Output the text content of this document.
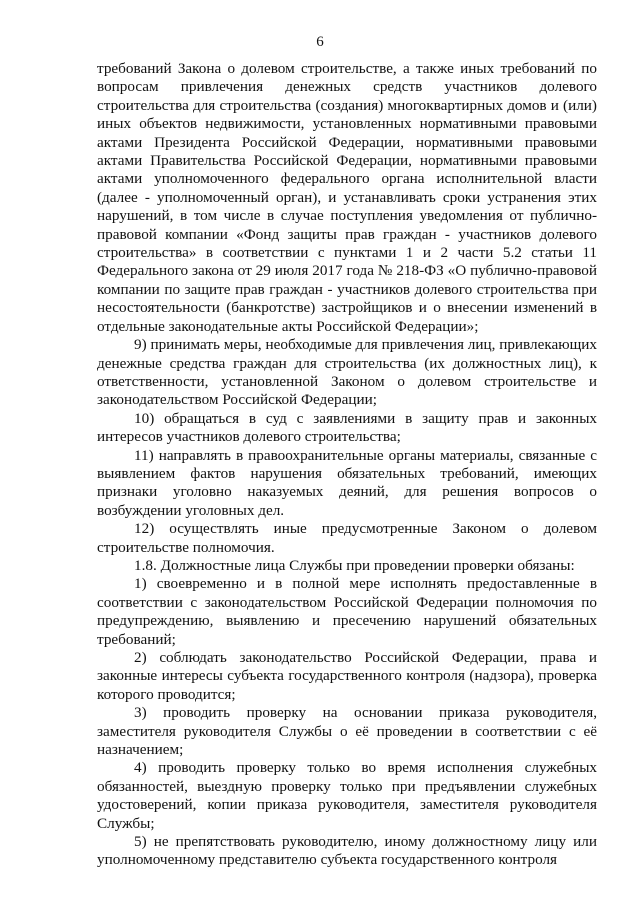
6

требований Закона о долевом строительстве, а также иных требований по вопросам привлечения денежных средств участников долевого строительства для строительства (создания) многоквартирных домов и (или) иных объектов недвижимости, установленных нормативными правовыми актами Президента Российской Федерации, нормативными правовыми актами Правительства Российской Федерации, нормативными правовыми актами уполномоченного федерального органа исполнительной власти (далее - уполномоченный орган), и устанавливать сроки устранения этих нарушений, в том числе в случае поступления уведомления от публично-правовой компании «Фонд защиты прав граждан - участников долевого строительства» в соответствии с пунктами 1 и 2 части 5.2 статьи 11 Федерального закона от 29 июля 2017 года № 218-ФЗ «О публично-правовой компании по защите прав граждан - участников долевого строительства при несостоятельности (банкротстве) застройщиков и о внесении изменений в отдельные законодательные акты Российской Федерации»;

9) принимать меры, необходимые для привлечения лиц, привлекающих денежные средства граждан для строительства (их должностных лиц), к ответственности, установленной Законом о долевом строительстве и законодательством Российской Федерации;

10) обращаться в суд с заявлениями в защиту прав и законных интересов участников долевого строительства;

11) направлять в правоохранительные органы материалы, связанные с выявлением фактов нарушения обязательных требований, имеющих признаки уголовно наказуемых деяний, для решения вопросов о возбуждении уголовных дел.

12) осуществлять иные предусмотренные Законом о долевом строительстве полномочия.

1.8. Должностные лица Службы при проведении проверки обязаны:

1) своевременно и в полной мере исполнять предоставленные в соответствии с законодательством Российской Федерации полномочия по предупреждению, выявлению и пресечению нарушений обязательных требований;

2) соблюдать законодательство Российской Федерации, права и законные интересы субъекта государственного контроля (надзора), проверка которого проводится;

3) проводить проверку на основании приказа руководителя, заместителя руководителя Службы о её проведении в соответствии с её назначением;

4) проводить проверку только во время исполнения служебных обязанностей, выездную проверку только при предъявлении служебных удостоверений, копии приказа руководителя, заместителя руководителя Службы;

5) не препятствовать руководителю, иному должностному лицу или уполномоченному представителю субъекта государственного контроля
